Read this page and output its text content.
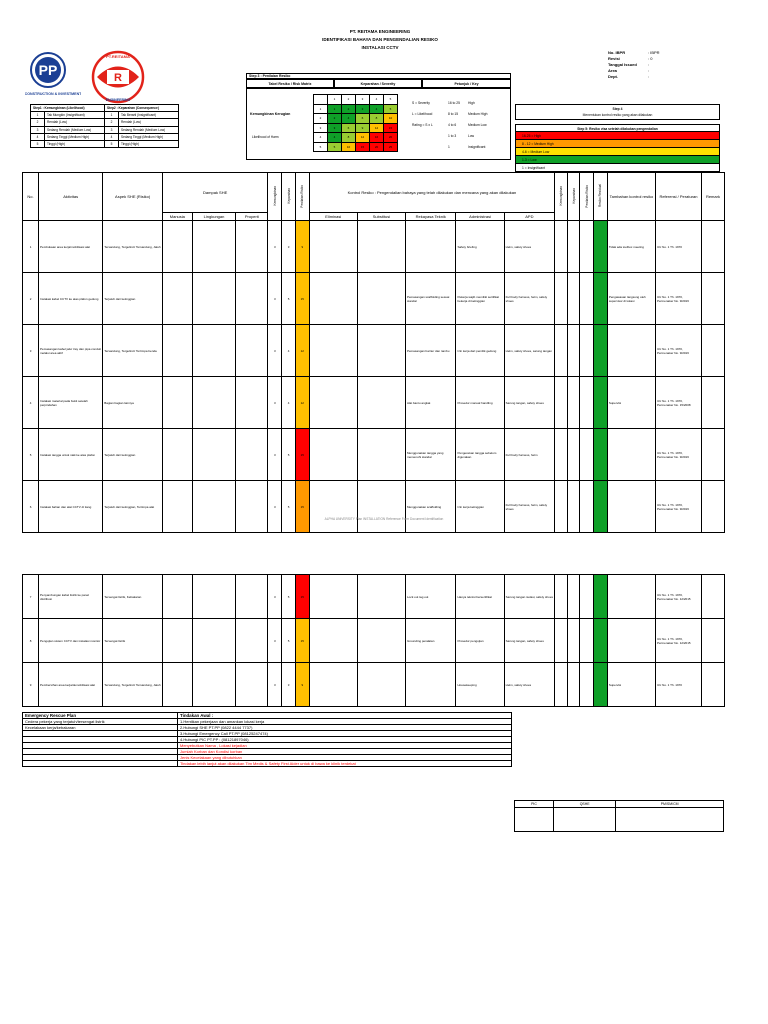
PP
CONSTRUCTION & INVESTMENT
R
PT.REITAMA
ENGINEERING
PT. REITAMA ENGINEERING
IDENTIFIKASI BAHAYA DAN PENGENDALIAN RESIKO
INSTALASI CCTV
No. IBPR	: IBPR
Revisi	: 0
Tanggal Issued	:
Area	:
Dept.	:
Step 3 : Penilaian Resiko
Tabel Resiko / Risk Matrix	Keparahan / Severity	Petunjuk / Key
Kemungkinan Kerugian
Likelihood of Harm
	1	2	3	4	5
1	1	2	3	4	5
2	2	4	6	8	10
3	3	6	9	12	15
4	4	8	12	16	20
5	5	10	15	20	25
S = Severity	16 to 25	High
L = Likelihood	8 to 15	Medium High
Rating = S x L	4 to 6	Medium Low
1 to 3	Low
1	Insignificant
Step1 : Kemungkinan (Likelihood)		Step2 : Keparahan (Consequence)	
1	Tak Mungkin (Insignificant)	1	Tak Berarti (Insignificant)
2	Rendah (Low)	2	Rendah (Low)
3	Sedang Rendah (Medium Low)	3	Sedang Rendah (Medium Low)
4	Sedang Tinggi (Medium High)	4	Sedang Tinggi (Medium High)
5	Tinggi (High)	5	Tinggi (High)
Step 4
Menentukan kontrol resiko yang akan dilakukan
Step 5: Resiko visa setelah dilakukan pengendalian
16-25 = High
8 - 12 = Medium High
4-6 = Medium Low
1-3 = Low
1 = Insignificant
No.	Aktivitas	Aspek SHE (Risiko)	Dampak SHE			Kemungkinan	Keparahan	Penilaian Risiko	Kontrol Resiko : Pengendalian bahaya yang telah dilakukan dan mencana yang akan dilakukan					Kemungkinan	Keparahan	Penilaian Risiko	Resiko Residual	Tambahan kontrol resiko	Referensi / Peraturan	Remark
			Manusia	Lingkungan	Properti				Eliminasi	Substitusi	Rekayasa Teknik	Administrasi	APD							
1	Pembukaan area kerja/mobilisasi alat	Tersandung, Tergelincir Tersandung, Jatuh				3	3	9				Safety briefing	Helm, safety shoes					Tidak ada toolbox meeting	UU No. 1 Th. 1970	
2	Instalasi kabel CCTV ke atas plafon gedung	Terjatuh dari ketinggian				3	5	15			Pemasangan scaffolding sesuai standar	Pekerja wajib memiliki sertifikat bekerja di ketinggian	Full body harness, helm, safety shoes					Pengawasan langsung oleh supervisor di lokasi	UU No. 1 Th. 1970, Permenaker No. 9/2016	
3	Pemasangan kabel jalur tray dan pipa conduit melalui area aktif	Tersandung, Tergelincir Tertimpa benda				3	4	12			Pemasangan barrier dan rambu	Izin kerja dari pemilik gedung	Helm, safety shoes, sarung tangan						UU No. 1 Th. 1970, Permenaker No. 9/2016	
4	Instalasi material pada bukit setelah perpindahan	Bagian bagian lainnya				3	4	12			Alat bantu angkat	Prosedur manual handling	Sarung tangan, safety shoes					Supervisi	UU No. 1 Th. 1970, Permenaker No. 15/2008	
5	Instalasi tangga untuk naik ke atas plafon	Terjatuh dari ketinggian				3	5	15			Menggunakan tangga yang memenuhi standar	Pengecekan tangga sebelum digunakan	Full body harness, helm						UU No. 1 Th. 1970, Permenaker No. 9/2016	
6	Instalasi bahan dan alat CCTV di tiang	Terjatuh dari ketinggian, Tertimpa alat				3	5	15			Menggunakan scaffolding	Izin kerja ketinggian	Full body harness, helm, safety shoes						UU No. 1 Th. 1970, Permenaker No. 9/2016	
ALPHA UNIVERSITY Plan INSTALLATION Reference Form Document Identification
7	Penyambungan kabel listrik ke panel distribusi	Tersengat listrik, Kebakaran				3	5	15			Lock out tag out	Hanya teknisi bersertifikat	Sarung tangan isolasi, safety shoes						UU No. 1 Th. 1970, Permenaker No. 12/2015	
8	Pengujian sistem CCTV dan instalasi monitor	Tersengat listrik				3	5	15			Grounding peralatan	Prosedur pengujian	Sarung tangan, safety shoes						UU No. 1 Th. 1970, Permenaker No. 12/2015	
9	Pembersihan area kerja/demobilisasi alat	Tersandung, Tergelincir Tersandung, Jatuh				3	3	9				Housekeeping	Helm, safety shoes					Supervisi	UU No. 1 Th. 1970	
Emergency Rescue Plan	Tindakan Awal :
Cedera pekerja yang terjatuh/tersengat listrik	1.Hentikan pekerjaan dan amankan lokasi kerja
Kecelakaan kerja/kebakaran	2.Hubungi SHE PT.PP (0822 4444 7737)
	3.Hubungi Emergency Call PT.PP (08125247474)
	4.Hubungi PIC PT.PP : (08121897046)
	Menyebutkan Nama , Lokasi kejadian
	Jumlah Korban dan Kondisi korban
	Jenis Kecelakaan yang dibutuhkan
	Tindakan lebih lanjut akan dilakukan Tim Medis & Safety First Aider untuk di bawa ke klinik terdekat
PIC	QSHE	PM/SM/CM
